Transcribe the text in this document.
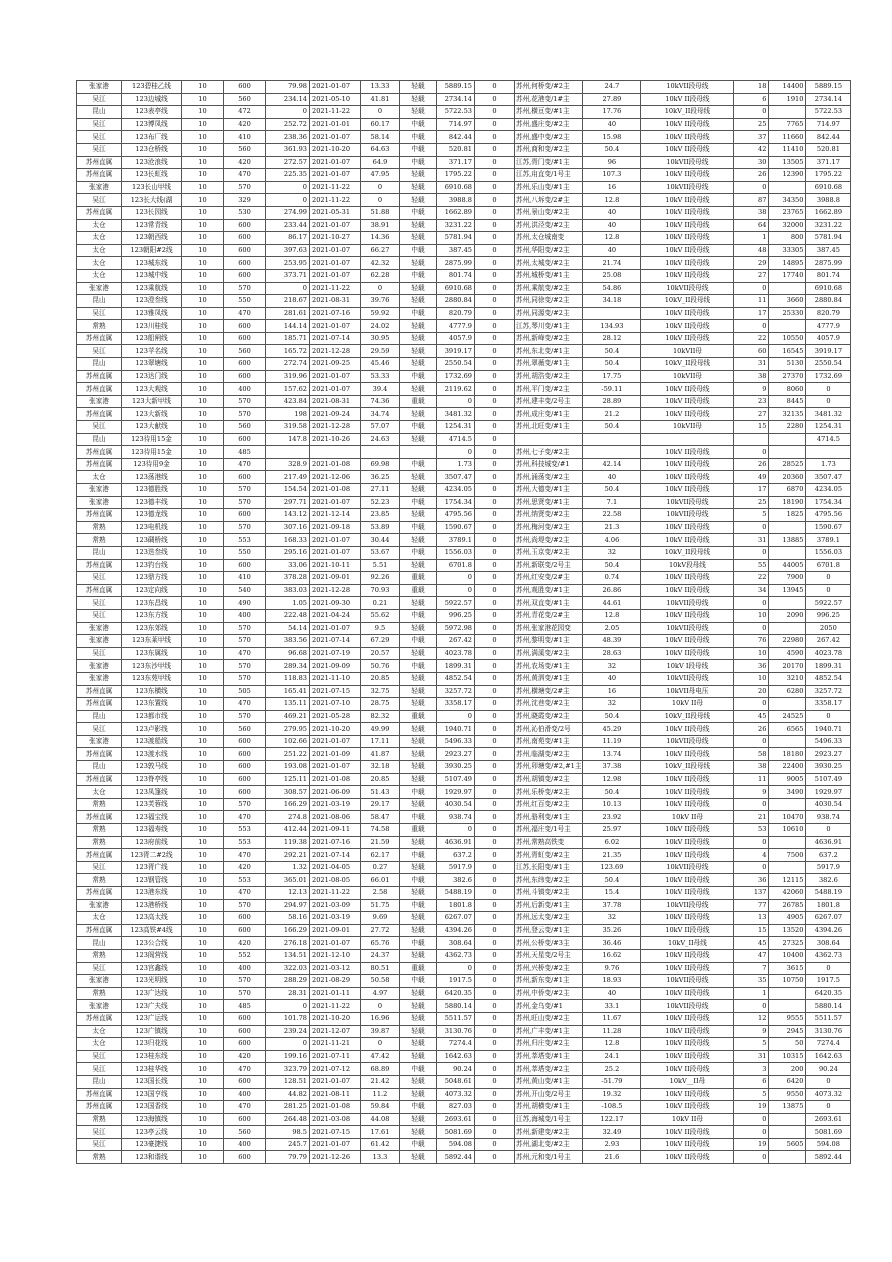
张家港	123碧桂乙线	10	600	79.98	2021-01-07	13.33	轻载	5889.15	0	苏州,何桥变/#2主	24.7	10kVII段母线	18	14400	5889.15
吴江	123边城线	10	560	234.14	2021-05-10	41.81	轻载	2734.14	0	苏州,花港变/1#主	27.89	10kV II段母线	6	1910	2734.14
昆山	123表亭线	10	472	0	2021-11-22	0	轻载	5722.53	0	苏州,横亘变/#1主	17.76	10kV_II段母线	0		5722.53
吴江	123博凤线	10	420	252.72	2021-01-01	60.17	中载	714.97	0	苏州,盛庄变/#2主	40	10kV II段母线	25	7765	714.97
吴江	123布厂线	10	410	238.36	2021-01-07	58.14	中载	842.44	0	苏州,盛中变/#2主	15.98	10kV II段母线	37	11660	842.44
吴江	123仓桥线	10	560	361.93	2021-10-20	64.63	中载	520.81	0	苏州,商和变/#2主	50.4	10kV II段母线	42	11410	520.81
苏州直属	123沧浪线	10	420	272.57	2021-01-07	64.9	中载	371.17	0	江苏,胥门变/#1主	96	10kVII段母线	30	13505	371.17
苏州直属	123长虹线	10	470	225.35	2021-01-07	47.95	轻载	1795.22	0	江苏,甪直变/1号主	107.3	10kV II段母线	26	12390	1795.22
张家港	123长山甲线	10	570	0	2021-11-22	0	轻载	6910.68	0	苏州,乐山变/#1主	16	10kVII段母线	0		6910.68
吴江	123长大线(湖	10	329	0	2021-11-22	0	轻载	3988.8	0	苏州,八坼变/2#主	12.8	10kV II段母线	87	34350	3988.8
苏州直属	123长园线	10	530	274.99	2021-05-31	51.88	中载	1662.89	0	苏州,景山变/#2主	40	10kV II段母线	38	23765	1662.89
太仓	123常青线	10	600	233.44	2021-01-07	38.91	轻载	3231.22	0	苏州,洪泾变/#2主	40	10kV II段母线	64	32000	3231.22
太仓	123朝西线	10	600	86.17	2021-10-27	14.36	轻载	5781.94	0	苏州,太仓城南变	12.8	10kV II段母线	1	800	5781.94
太仓	123朝阳#2线	10	600	397.63	2021-01-07	66.27	中载	387.45	0	苏州,华阳变/#2主	40	10kV II段母线	48	33305	387.45
太仓	123城东线	10	600	253.95	2021-01-07	42.32	轻载	2875.99	0	苏州,太城变/#2主	21.74	10kV II段母线	29	14895	2875.99
太仓	123城中线	10	600	373.71	2021-01-07	62.28	中载	801.74	0	苏州,城桥变/#1主	25.08	10kV II段母线	27	17740	801.74
张家港	123乘航线	10	570	0	2021-11-22	0	轻载	6910.68	0	苏州,乘航变/#2主	54.86	10kVII段母线	0		6910.68
昆山	123澄叁线	10	550	218.67	2021-08-31	39.76	轻载	2880.84	0	苏州,同徐变/#2主	34.18	10kV_II段母线	11	3660	2880.84
吴江	123雅凤线	10	470	281.61	2021-07-16	59.92	中载	820.79	0	苏州,同源变/#2主		10kV II段母线	17	25330	820.79
常熟	123川桂线	10	600	144.14	2021-01-07	24.02	轻载	4777.9	0	江苏,琴川变/#1主	134.93	10kV II段母线	0		4777.9
苏州直属	123船闸线	10	600	185.71	2021-07-14	30.95	轻载	4057.9	0	苏州,新峰变/#2主	28.12	10kV II段母线	22	10550	4057.9
吴江	123苹名线	10	560	165.72	2021-12-28	29.59	轻载	3919.17	0	苏州,东北变/#1主	50.4	10kVII母	60	16545	3919.17
昆山	123翠塘线	10	600	272.74	2021-09-25	45.46	轻载	2550.54	0	苏州,翠薇变/#1主	50.4	10kV_II段母线	31	5130	2550.54
苏州直属	123达门线	10	600	319.96	2021-01-07	53.33	中载	1732.69	0	苏州,胡浩变/#2主	17.75	10kVII母	38	27370	1732.69
苏州直属	123大观线	10	400	157.62	2021-01-07	39.4	轻载	2119.62	0	苏州,平门变/#2主	-59.11	10kV II段母线	9	8060	0
张家港	123大新甲线	10	570	423.84	2021-08-31	74.36	重载	0	0	苏州,建丰变/2号主	28.89	10kV II段母线	23	8445	0
苏州直属	123大新线	10	570	198	2021-09-24	34.74	轻载	3481.32	0	苏州,成庄变/#1主	21.2	10kV II段母线	27	32135	3481.32
吴江	123大献线	10	560	319.58	2021-12-28	57.07	中载	1254.31	0	苏州,北旺变/#1主	50.4	10kVII母	15	2280	1254.31
昆山	123待用15金	10	600	147.8	2021-10-26	24.63	轻载	4714.5	0						4714.5
苏州直属	123待用15金	10	485					0	0	苏州,七子变/#2主		10kV II段母线	0		
苏州直属	123待用9金	10	470	328.9	2021-01-08	69.98	中载	1.73	0	苏州,科技城变/#1	42.14	10kV II段母线	26	28525	1.73
太仓	123荡港线	10	600	217.49	2021-12-06	36.25	轻载	3507.47	0	苏州,涌荡变/#2主	40	10kV II段母线	49	20360	3507.47
张家港	123德胜线	10	570	154.54	2021-01-08	27.11	轻载	4234.05	0	苏州,大德变/#1主	50.4	10kV II段母线	17	6870	4234.05
张家港	123德丰线	10	570	297.71	2021-01-07	52.23	中载	1754.34	0	苏州,思贤变/#1主	7.1	10kVII段母线	25	18190	1754.34
苏州直属	123德龙线	10	600	143.12	2021-12-14	23.85	轻载	4795.56	0	苏州,纳贤变/#2主	22.58	10kVII段母线	5	1825	4795.56
常熟	123电机线	10	570	307.16	2021-09-18	53.89	中载	1590.67	0	苏州,梅河变/#2主	21.3	10kV II段母线	0		1590.67
常熟	123碉桥线	10	553	168.33	2021-01-07	30.44	轻载	3789.1	0	苏州,尚堤变/#2主	4.06	10kV II段母线	31	13885	3789.1
昆山	123迭叁线	10	550	295.16	2021-01-07	53.67	中载	1556.03	0	苏州,玉京变/#2主	32	10kV_II段母线	0		1556.03
苏州直属	123钓台线	10	600	33.06	2021-10-11	5.51	轻载	6701.8	0	苏州,新联变/2号主	50.4	10kV段母线	55	44005	6701.8
吴江	123鼎方线	10	410	378.28	2021-09-01	92.26	重载	0	0	苏州,红安变/2#主	0.74	10kV II段母线	22	7900	0
苏州直属	123定向线	10	540	383.03	2021-12-28	70.93	重载	0	0	苏州,观胜变/#1主	26.86	10kV II段母线	34	13945	0
吴江	123东昌线	10	490	1.05	2021-09-30	0.21	轻载	5922.57	0	苏州,双直变/#1主	44.61	10kVII段母线	0		5922.57
吴江	123东方线	10	400	222.48	2021-04-24	55.62	中载	996.25	0	苏州,青花变/2#主	12.8	10kV II段母线	10	2090	996.25
张家港	123东郊线	10	570	54.14	2021-01-07	9.5	轻载	5972.98	0	苏州,张家港花园变	2.05	10kVII段母线	0		2050
张家港	123东莱甲线	10	570	383.56	2021-07-14	67.29	中载	267.42	0	苏州,黎明变/#1主	48.39	10kV II段母线	76	22980	267.42
吴江	123东属线	10	470	96.68	2021-07-19	20.57	轻载	4023.78	0	苏州,满溪变/#2主	28.63	10kV II段母线	10	4590	4023.78
张家港	123东沙甲线	10	570	289.34	2021-09-09	50.76	中载	1899.31	0	苏州,农场变/#1主	32	10kV I段母线	36	20170	1899.31
张家港	123东苑甲线	10	570	118.83	2021-11-10	20.85	轻载	4852.54	0	苏州,黄泗变/#1主	40	10kVII段母线	10	3210	4852.54
苏州直属	123东横线	10	505	165.41	2021-07-15	32.75	轻载	3257.72	0	苏州,横塘变/2#主	16	10kVII母电压	20	6280	3257.72
苏州直属	123东置线	10	470	135.11	2021-07-10	28.75	轻载	3358.17	0	苏州,沈巷变/#2主	32	10kV II母	0		3358.17
昆山	123都市线	10	570	469.21	2021-05-28	82.32	重载	0	0	苏州,晓霞变/#2主	50.4	10kV_II段母线	45	24525	0
吴江	123卢影线	10	560	279.95	2021-10-20	49.99	轻载	1940.71	0	苏州,沁伯滑变/2号	45.29	10kV II段母线	26	6565	1940.71
张家港	123渡船线	10	600	102.66	2021-01-07	17.11	轻载	5496.33	0	苏州,南苑变/#1主	11.19	10kVII段母线	0		5496.33
苏州直属	123渡水线	10	600	251.22	2021-01-09	41.87	轻载	2923.27	0	苏州,临湖变/#2主	13.74	10kV II段母线	58	18180	2923.27
昆山	123敦马线	10	600	193.08	2021-01-07	32.18	轻载	3930.25	0	苏州,卯塘变/#2,#1主	37.38	10kV_II段母线	38	22400	3930.25
苏州直属	123脊亭线	10	600	125.11	2021-01-08	20.85	轻载	5107.49	0	苏州,胡镇变/#2主	12.98	10kV II段母线	11	9005	5107.49
太仓	123凤篷线	10	600	308.57	2021-06-09	51.43	中载	1929.97	0	苏州,乐桥变/#2主	50.4	10kV II段母线	9	3490	1929.97
常熟	123芙蓉线	10	570	166.29	2021-03-19	29.17	轻载	4030.54	0	苏州,红百变/#2主	10.13	10kV II段母线	0		4030.54
苏州直属	123福宝线	10	470	274.8	2021-08-06	58.47	中载	938.74	0	苏州,骆利变/#1主	23.92	10kV II母	21	10470	938.74
常熟	123福寿线	10	553	412.44	2021-09-11	74.58	重载	0	0	苏州,福庄变/1号主	25.97	10kV II段母线	53	10610	0
常熟	123府前线	10	553	119.38	2021-07-16	21.59	轻载	4636.91	0	苏州,常熟高铁变	6.02	10kV II段母线	0		4636.91
苏州直属	123胥二#2线	10	470	292.21	2021-07-14	62.17	中载	637.2	0	苏州,胥虹变/#2主	21.35	10kV II段母线	4	7500	637.2
吴江	123胥广线	10	420	1.32	2021-04-05	0.27	轻载	5917.9	0	江苏,长阳变/#1主	123.69	10kVII段母线	0		5917.9
常熟	123钢管线	10	553	365.01	2021-08-05	66.01	中载	382.6	0	苏州,东纬变/#2主	50.4	10kV II段母线	36	12115	382.6
苏州直属	123港东线	10	470	12.13	2021-11-22	2.58	轻载	5488.19	0	苏州,斗镇变/#2主	15.4	10kV II段母线	137	42060	5488.19
张家港	123港桥线	10	570	294.97	2021-03-09	51.75	中载	1801.8	0	苏州,后新变/#1主	37.78	10kVII段母线	77	26785	1801.8
太仓	123高太线	10	600	58.16	2021-03-19	9.69	轻载	6267.07	0	苏州,远太变/#2主	32	10kV II段母线	13	4905	6267.07
苏州直属	123高铁#4线	10	600	166.29	2021-09-01	27.72	轻载	4394.26	0	苏州,登云变/#1主	35.26	10kV II段母线	15	13520	4394.26
昆山	123公合线	10	420	276.18	2021-01-07	65.76	中载	308.64	0	苏州,公桥变/#3主	36.46	10kV_II母线	45	27325	308.64
常熟	123阁营线	10	552	134.51	2021-12-10	24.37	轻载	4362.73	0	苏州,天星变/2号主	16.62	10kV II段母线	47	10400	4362.73
吴江	123宫鑫线	10	400	322.03	2021-03-12	80.51	重载	0	0	苏州,兴桥变/#2主	9.76	10kV II段母线	7	3615	0
张家港	123光明线	10	570	288.29	2021-08-29	50.58	中载	1917.5	0	苏州,新东变/#1主	18.93	10kVII段母线	35	10750	1917.5
常熟	123广达线	10	570	28.31	2021-01-11	4.97	轻载	6420.35	0	苏州,中侨变/#2主	40	10kV II段母线	1		6420.35
张家港	123广夫线	10	485	0	2021-11-22	0	轻载	5880.14	0	苏州,金乌变/#1	33.1	10kVII段母线	0		5880.14
苏州直属	123广运线	10	600	101.78	2021-10-20	16.96	轻载	5511.57	0	苏州,旺山变/#2主	11.67	10kV II段母线	12	9555	5511.57
太仓	123广镇线	10	600	239.24	2021-12-07	39.87	轻载	3130.76	0	苏州,广丰变/#1主	11.28	10kV II段母线	9	2945	3130.76
太仓	123归花线	10	600	0	2021-11-21	0	轻载	7274.4	0	苏州,归庄变/#2主	12.8	10kV II段母线	5	50	7274.4
吴江	123桂东线	10	420	199.16	2021-07-11	47.42	轻载	1642.63	0	苏州,莘塔变/#1主	24.1	10kV II段母线	31	10315	1642.63
吴江	123桂华线	10	470	323.79	2021-07-12	68.89	中载	90.24	0	苏州,莘塔变/#2主	25.2	10kV II段母线	3	200	90.24
昆山	123国长线	10	600	128.51	2021-01-07	21.42	轻载	5048.61	0	苏州,黄山变/#1主	-51.79	10kV__II母	6	6420	0
苏州直属	123国亨线	10	400	44.82	2021-08-11	11.2	轻载	4073.32	0	苏州,开山变/2号主	19.32	10kV II段母线	5	9550	4073.32
苏州直属	123国香线	10	470	281.25	2021-01-08	59.84	中载	827.03	0	苏州,胡横变/#1主	-108.5	10kV II段母线	19	13875	0
常熟	123海镇线	10	600	264.48	2021-03-08	44.08	轻载	2693.61	0	江苏,海城变/1号主	122.17	10kV II母	0		2693.61
吴江	123亭云线	10	560	98.5	2021-07-15	17.61	轻载	5081.69	0	苏州,新建变/#2主	32.49	10kV II段母线	0		5081.69
吴江	123豪捷线	10	400	245.7	2021-01-07	61.42	中载	594.08	0	苏州,湖北变/#2主	2.93	10kV II段母线	19	5605	594.08
常熟	123和谐线	10	600	79.79	2021-12-26	13.3	轻载	5892.44	0	苏州,元和变/1号主	21.6	10kV II段母线	0		5892.44
